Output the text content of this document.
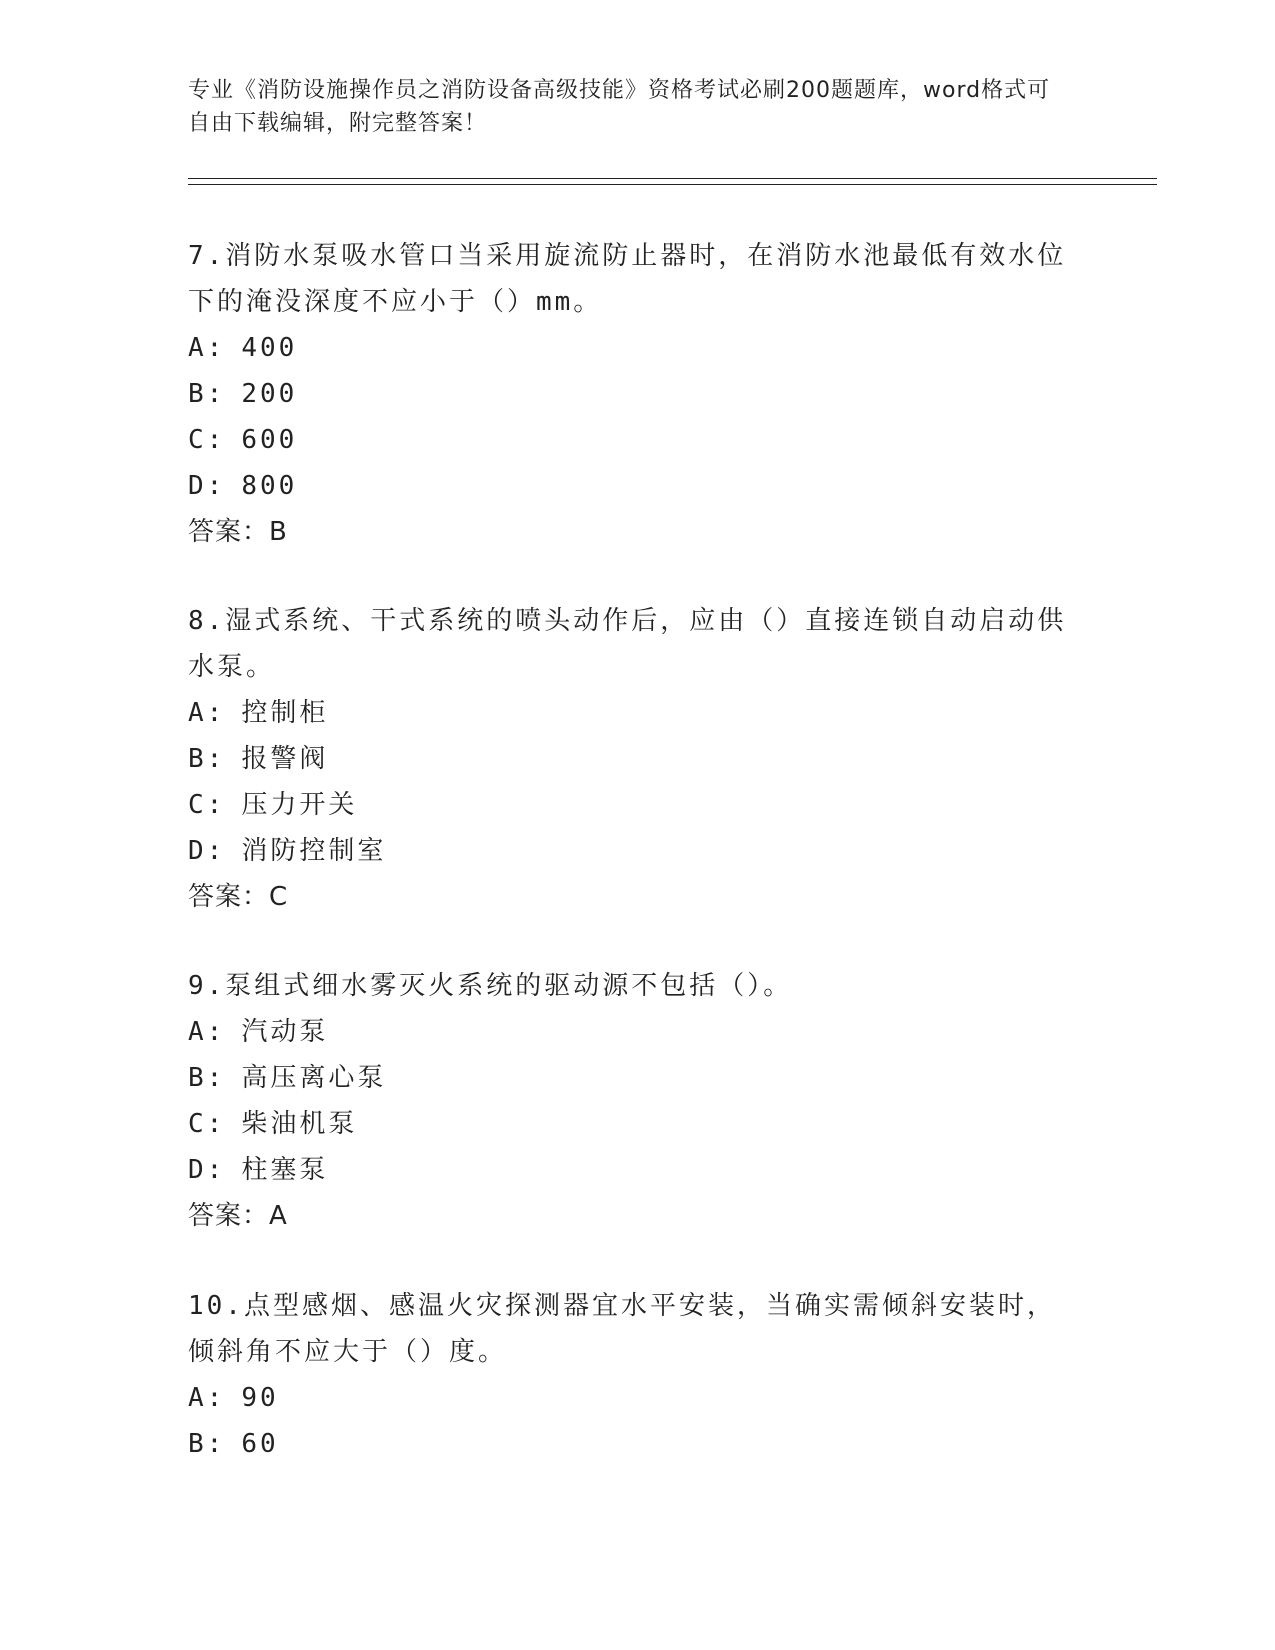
专业《消防设施操作员之消防设备高级技能》资格考试必刷200题题库，word格式可自由下载编辑，附完整答案！

7.消防水泵吸水管口当采用旋流防止器时，在消防水池最低有效水位下的淹没深度不应小于（）mm。

A: 400

B: 200

C: 600

D: 800

答案：B

8.湿式系统、干式系统的喷头动作后，应由（）直接连锁自动启动供水泵。

A: 控制柜

B: 报警阀

C: 压力开关

D: 消防控制室

答案：C

9.泵组式细水雾灭火系统的驱动源不包括（）。

A: 汽动泵

B: 高压离心泵

C: 柴油机泵

D: 柱塞泵

答案：A

10.点型感烟、感温火灾探测器宜水平安装，当确实需倾斜安装时，倾斜角不应大于（）度。

A: 90

B: 60
